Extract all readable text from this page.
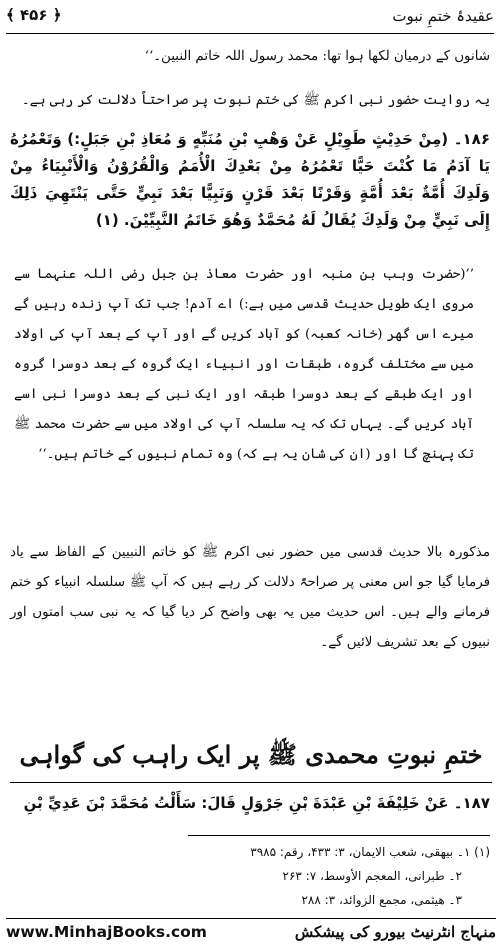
﴾ ۴۵۶ ﴿	عقیدۂ ختمِ نبوت
شانوں کے درمیان لکھا ہوا تھا: محمد رسول اللہ خاتم النبین۔‘‘
یہ روایت حضور نبی اکرم ﷺ کی ختم نبوت پر صراحتاً دلالت کر رہی ہے۔
۱۸۶۔ (مِنْ حَدِيْثٍ طَوِيْلٍ عَنْ وَهْبِ بْنِ مُنَبِّهٍ وَ مُعَاذِ بْنِ جَبَلٍ:) وَتَعْمُرُهُ يَا آدَمُ مَا كُنْتَ حَيًّا تَعْمُرُهُ مِنْ بَعْدِكَ الْأُمَمُ وَالْقُرُوْنُ وَالْأَنْبِيَاءُ مِنْ وَلَدِكَ أُمَّةٌ بَعْدَ أُمَّةٍ وَقَرْنًا بَعْدَ قَرْنٍ وَنَبِيًّا بَعْدَ نَبِيٍّ حَتَّى يَنْتَهِيَ ذَلِكَ إِلَى نَبِيٍّ مِنْ وَلَدِكَ يُقَالُ لَهُ مُحَمَّدٌ وَهُوَ خَاتَمُ النَّبِيِّيْنَ. (۱)
’’(حضرت وہب بن منبہ اور حضرت معاذ بن جبل رضی اللہ عنہما سے مروی ایک طویل حدیث قدسی میں ہے:) اے آدم! جب تک آپ زندہ رہیں گے میرے اس گھر (خانہ کعبہ) کو آباد کریں گے اور آپ کے بعد آپ کی اولاد میں سے مختلف گروہ، طبقات اور انبیاء ایک گروہ کے بعد دوسرا گروہ اور ایک طبقے کے بعد دوسرا طبقہ اور ایک نبی کے بعد دوسرا نبی اسے آباد کریں گے۔ یہاں تک کہ یہ سلسلہ آپ کی اولاد میں سے حضرت محمد ﷺ تک پہنچ گا اور (ان کی شان یہ ہے کہ) وہ تمام نبیوں کے خاتم ہیں۔‘‘
مذکورہ بالا حدیث قدسی میں حضور نبی اکرم ﷺ کو خاتم النبیین کے الفاظ سے یاد فرمایا گیا جو اس معنی پر صراحۃً دلالت کر رہے ہیں کہ آپ ﷺ سلسلہ انبیاء کو ختم فرمانے والے ہیں۔ اس حدیث میں یہ بھی واضح کر دیا گیا کہ یہ نبی سب امتوں اور نبیوں کے بعد تشریف لائیں گے۔
ختمِ نبوتِ محمدی ﷺ پر ایک راہب کی گواہی
۱۸۷۔ عَنْ خَلِيْفَةَ بْنِ عَبْدَةَ بْنِ جَرْوَلٍ قَالَ: سَأَلْتُ مُحَمَّدَ بْنَ عَدِيِّ بْنِ
(۱) ۱۔ بیهقی، شعب الایمان، ۳: ۴۳۳، رقم: ۳۹۸۵
۲۔ طبرانی، المعجم الأوسط، ۷: ۲۶۳
۳۔ هیثمی، مجمع الزوائد، ۳: ۲۸۸
www.MinhajBooks.com	منہاج انٹرنیٹ بیورو کی پیشکش
